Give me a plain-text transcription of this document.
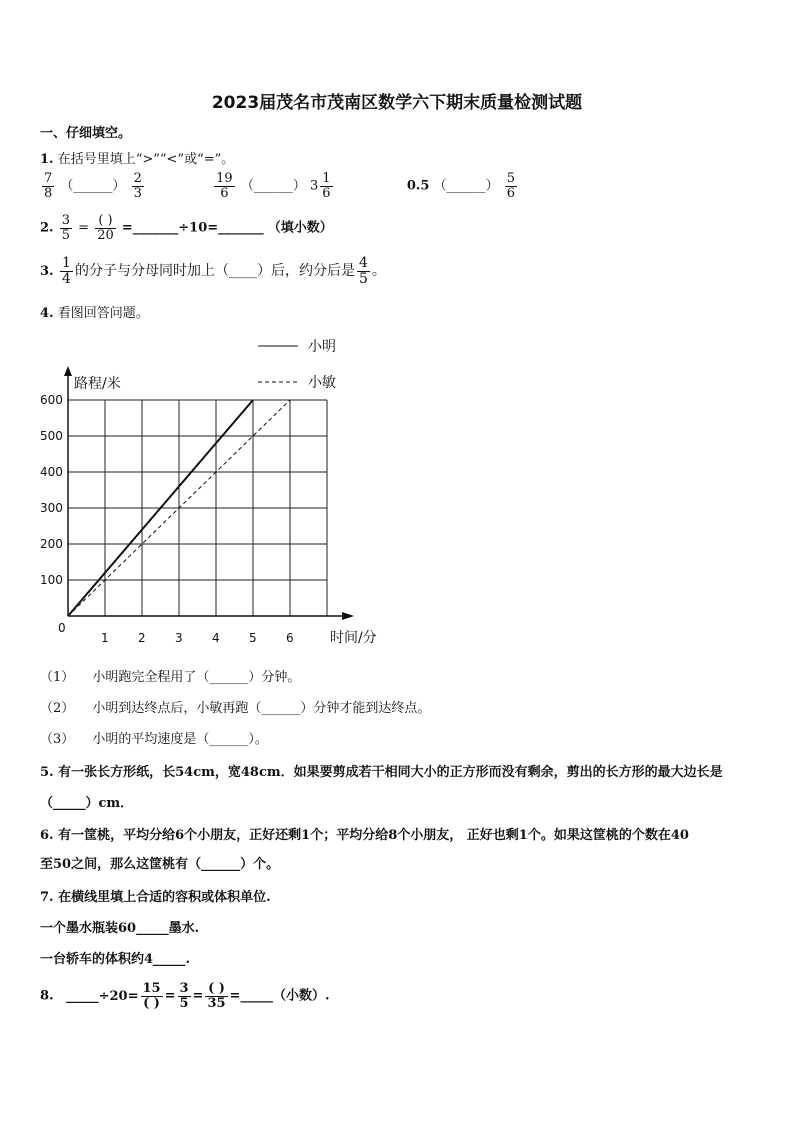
2023届茂名市茂南区数学六下期末质量检测试题
一、仔细填空。
1. 在括号里填上“>”“<”或“=”。
$\frac{7}{8}$ （______） $\frac{2}{3}$
	$\frac{19}{6}$ （______） $3 \frac{1}{6}$	0.5 （______） $\frac{5}{6}$
2. $\frac{3}{5} = \frac{( )}{20}$ =_______÷10=_______ （填小数）
3. $\frac{1}{4}$ 的分子与分母同时加上（____）后，约分后是 $\frac{4}{5}$ 。
4. 看图回答问题。
路程/米
时间/分
1 2 3 4 5 6
100
200
300
400
500
600
0
小明
小敏
（1） 小明跑完全程用了（______）分钟。
（2） 小明到达终点后，小敏再跑（______）分钟才能到达终点。
（3） 小明的平均速度是（______）。
5. 有一张长方形纸，长54cm，宽48cm．如果要剪成若干相同大小的正方形而没有剩余，剪出的长方形的最大边长是
（_____）cm．
6. 有一筐桃，平均分给6个小朋友，正好还剩1个；平均分给8个小朋友， 正好也剩1个。如果这筐桃的个数在40
至50之间，那么这筐桃有（______）个。
7. 在横线里填上合适的容积或体积单位.
一个墨水瓶装60_____墨水.
一台轿车的体积约4_____.
8. _____÷20= $\frac{15}{( )} = \frac{3}{5} = \frac{( )}{35}$ =_____（小数）.
